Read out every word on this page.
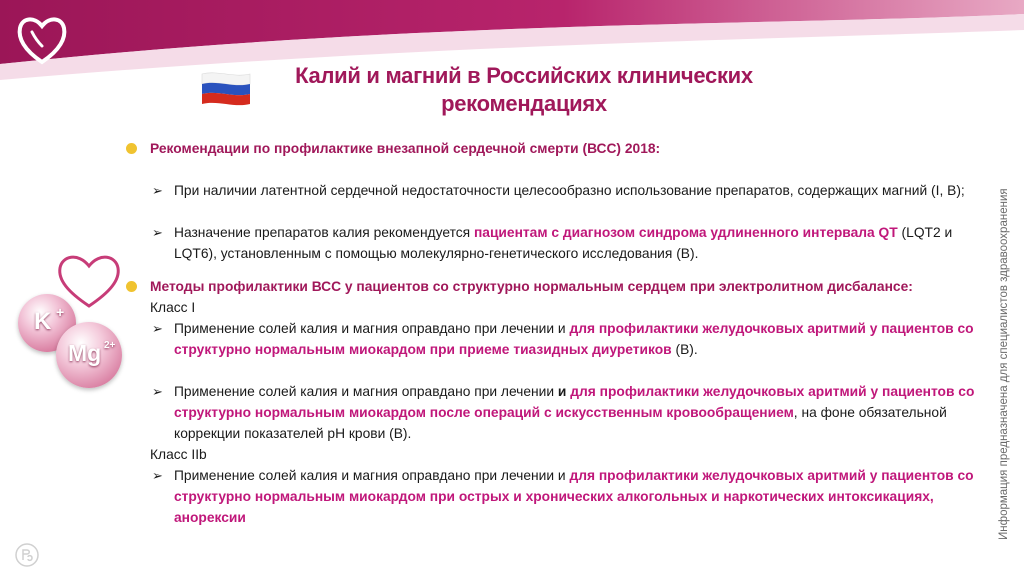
Калий и магний в Российских клинических рекомендациях
Информация предназначена для специалистов здравоохранения
K +
Mg 2+
Рекомендации по профилактике внезапной сердечной смерти (ВСС) 2018:
➢ При наличии латентной сердечной недостаточности целесообразно использование препаратов, содержащих магний (I, B);
➢ Назначение препаратов калия рекомендуется пациентам с диагнозом синдрома удлиненного интервала QT (LQT2 и LQT6), установленным с помощью молекулярно-генетического исследования (B).
Методы профилактики ВСС у пациентов со структурно нормальным сердцем при электролитном дисбалансе:
Класс I
➢ Применение солей калия и магния оправдано при лечении и для профилактики желудочковых аритмий у пациентов со структурно нормальным миокардом при приеме тиазидных диуретиков (B).
➢ Применение солей калия и магния оправдано при лечении и для профилактики желудочковых аритмий у пациентов со структурно нормальным миокардом после операций с искусственным кровообращением, на фоне обязательной коррекции показателей pH крови (B).
Класс IIb
➢ Применение солей калия и магния оправдано при лечении и для профилактики желудочковых аритмий у пациентов со структурно нормальным миокардом при острых и хронических алкогольных и наркотических интоксикациях, анорексии
